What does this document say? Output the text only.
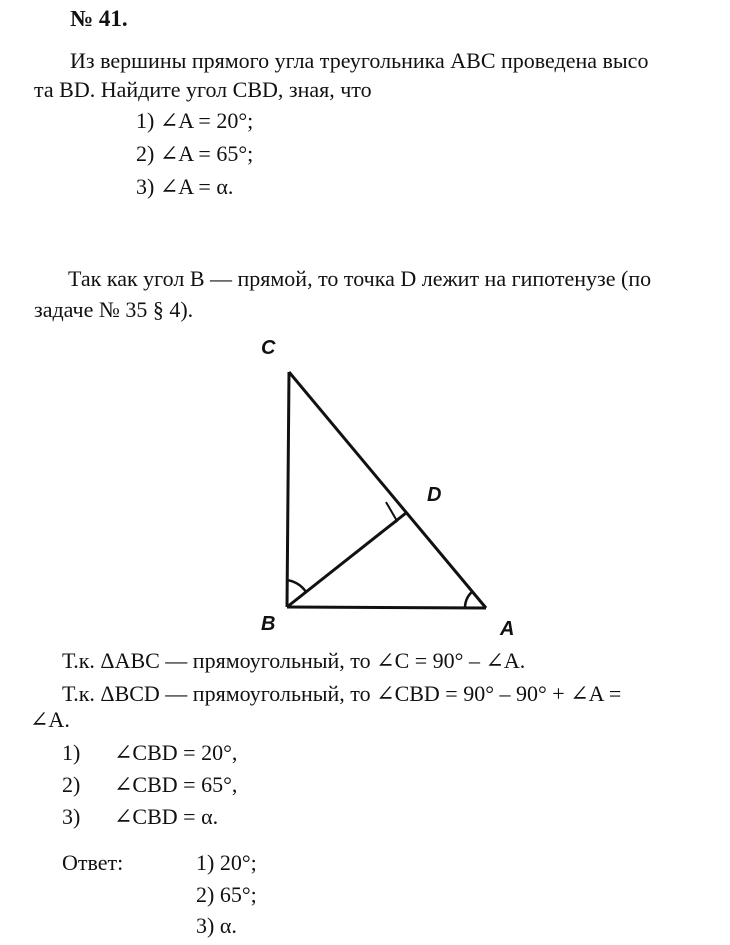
№ 41.
Из вершины прямого угла треугольника ABC проведена высо
та BD. Найдите угол CBD, зная, что
1) ∠A = 20°;
2) ∠A = 65°;
3) ∠A = α.
Так как угол B — прямой, то точка D лежит на гипотенузе (по
задаче № 35 § 4).
C
D
B	A
Т.к. ΔABC — прямоугольный, то ∠C = 90° – ∠A.
Т.к. ΔBCD — прямоугольный, то ∠CBD = 90° – 90° + ∠A =
∠A.
1) ∠CBD = 20°,
2) ∠CBD = 65°,
3) ∠CBD = α.
Ответ:	1) 20°;
2) 65°;
3) α.
